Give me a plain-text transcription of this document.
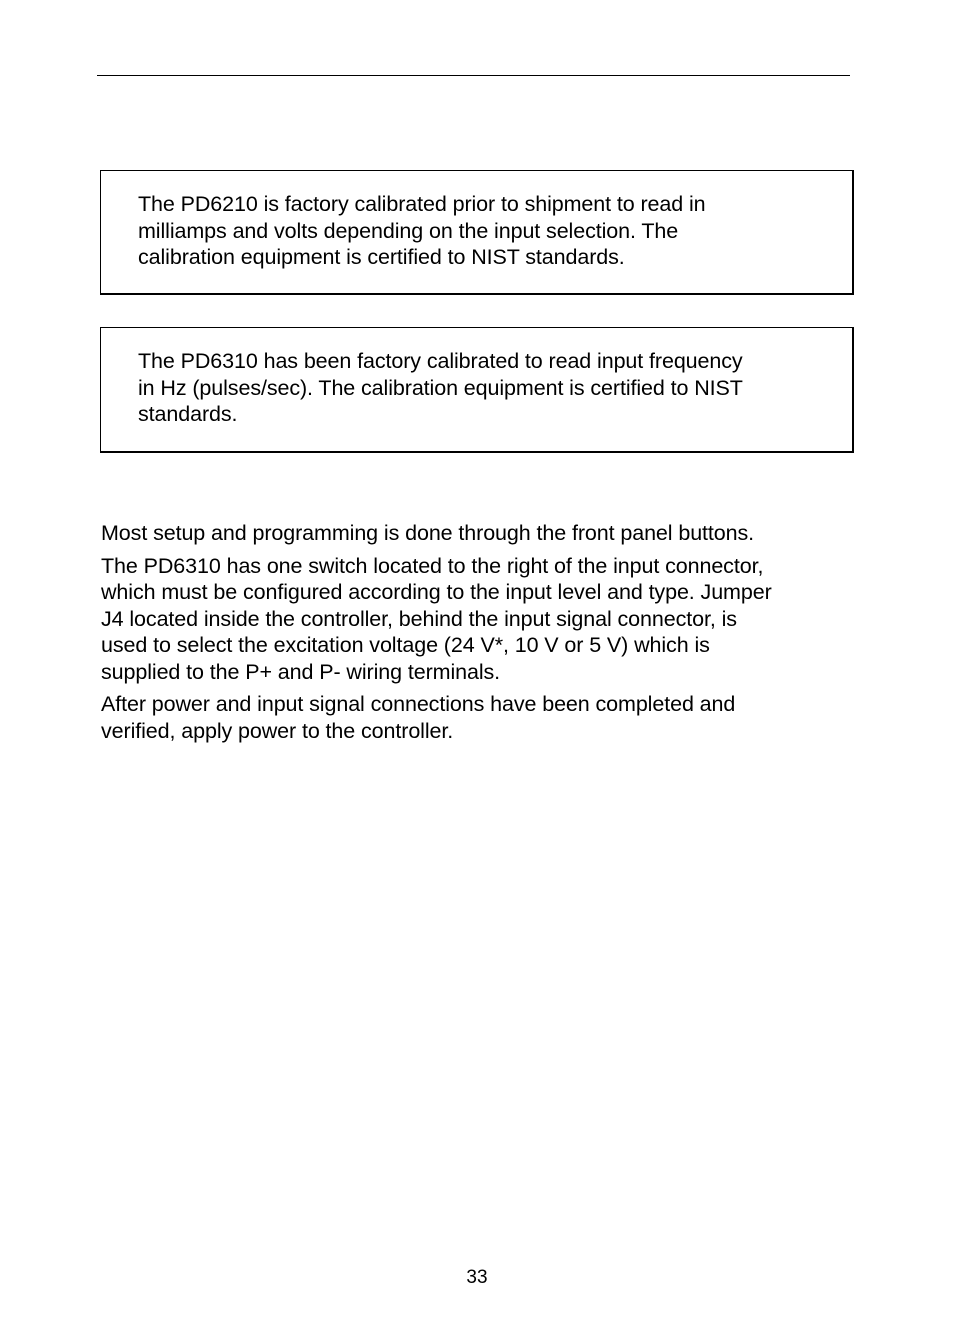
The PD6210 is factory calibrated prior to shipment to read in
milliamps and volts depending on the input selection. The
calibration equipment is certified to NIST standards.

The PD6310 has been factory calibrated to read input frequency
in Hz (pulses/sec). The calibration equipment is certified to NIST
standards.

Most setup and programming is done through the front panel buttons.

The PD6310 has one switch located to the right of the input connector,
which must be configured according to the input level and type. Jumper
J4 located inside the controller, behind the input signal connector, is
used to select the excitation voltage (24 V*, 10 V or 5 V) which is
supplied to the P+ and P- wiring terminals.

After power and input signal connections have been completed and
verified, apply power to the controller.

33
